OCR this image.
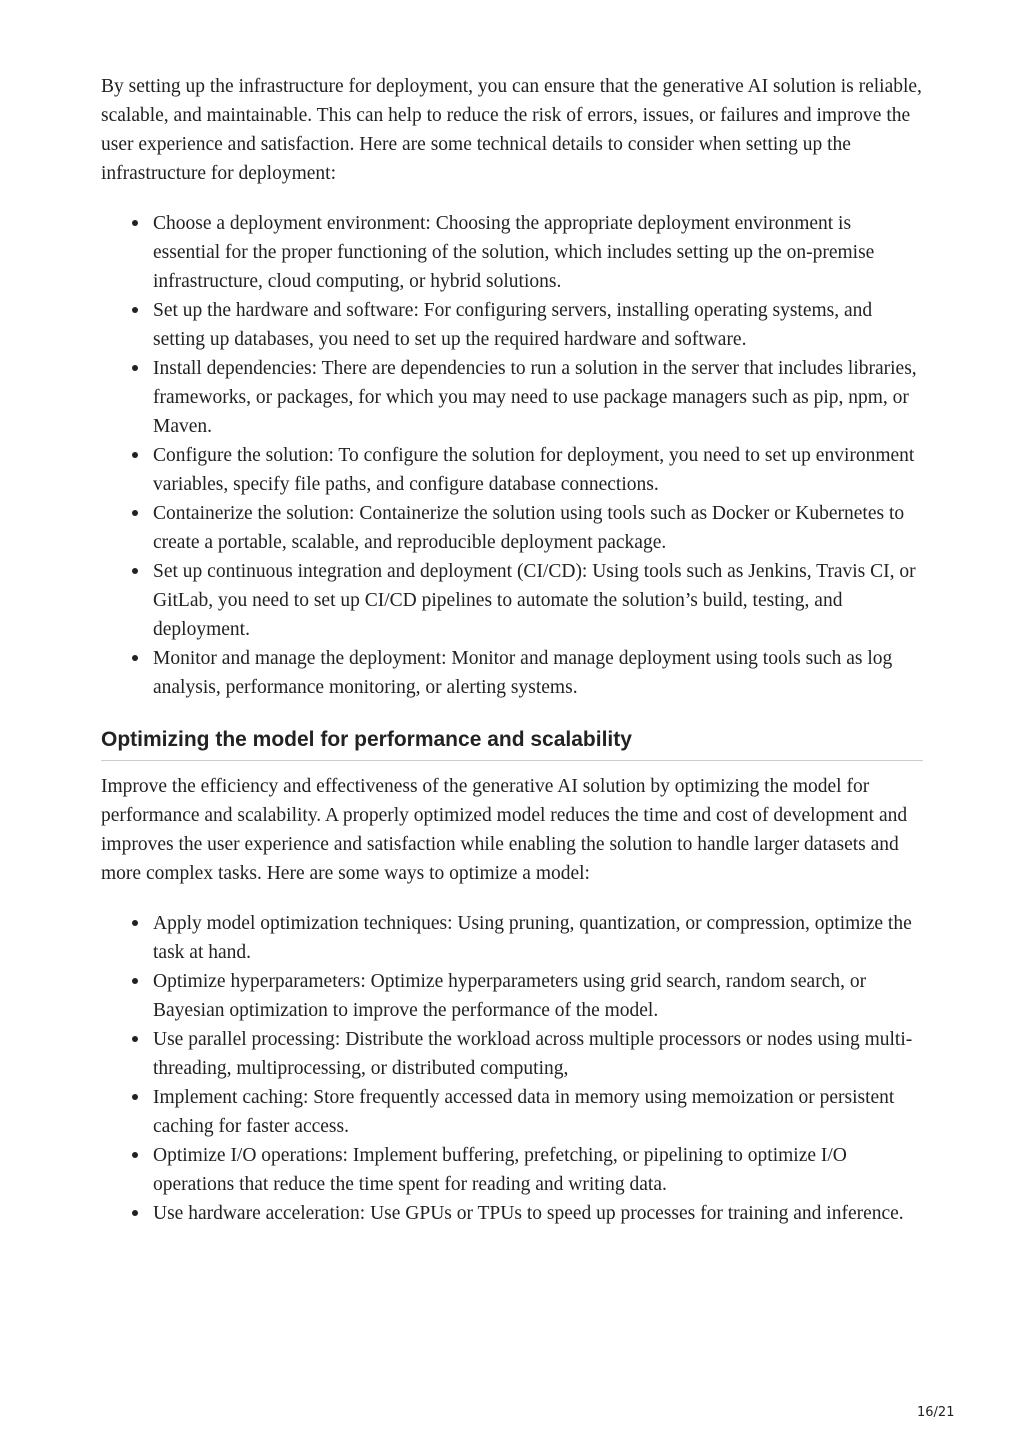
By setting up the infrastructure for deployment, you can ensure that the generative AI solution is reliable, scalable, and maintainable. This can help to reduce the risk of errors, issues, or failures and improve the user experience and satisfaction. Here are some technical details to consider when setting up the infrastructure for deployment:

Choose a deployment environment: Choosing the appropriate deployment environment is essential for the proper functioning of the solution, which includes setting up the on-premise infrastructure, cloud computing, or hybrid solutions.
Set up the hardware and software: For configuring servers, installing operating systems, and setting up databases, you need to set up the required hardware and software.
Install dependencies: There are dependencies to run a solution in the server that includes libraries, frameworks, or packages, for which you may need to use package managers such as pip, npm, or Maven.
Configure the solution: To configure the solution for deployment, you need to set up environment variables, specify file paths, and configure database connections.
Containerize the solution: Containerize the solution using tools such as Docker or Kubernetes to create a portable, scalable, and reproducible deployment package.
Set up continuous integration and deployment (CI/CD): Using tools such as Jenkins, Travis CI, or GitLab, you need to set up CI/CD pipelines to automate the solution’s build, testing, and deployment.
Monitor and manage the deployment: Monitor and manage deployment using tools such as log analysis, performance monitoring, or alerting systems.
Optimizing the model for performance and scalability

Improve the efficiency and effectiveness of the generative AI solution by optimizing the model for performance and scalability. A properly optimized model reduces the time and cost of development and improves the user experience and satisfaction while enabling the solution to handle larger datasets and more complex tasks. Here are some ways to optimize a model:

Apply model optimization techniques: Using pruning, quantization, or compression, optimize the task at hand.
Optimize hyperparameters: Optimize hyperparameters using grid search, random search, or Bayesian optimization to improve the performance of the model.
Use parallel processing: Distribute the workload across multiple processors or nodes using multi-threading, multiprocessing, or distributed computing,
Implement caching: Store frequently accessed data in memory using memoization or persistent caching for faster access.
Optimize I/O operations: Implement buffering, prefetching, or pipelining to optimize I/O operations that reduce the time spent for reading and writing data.
Use hardware acceleration: Use GPUs or TPUs to speed up processes for training and inference.
16/21
